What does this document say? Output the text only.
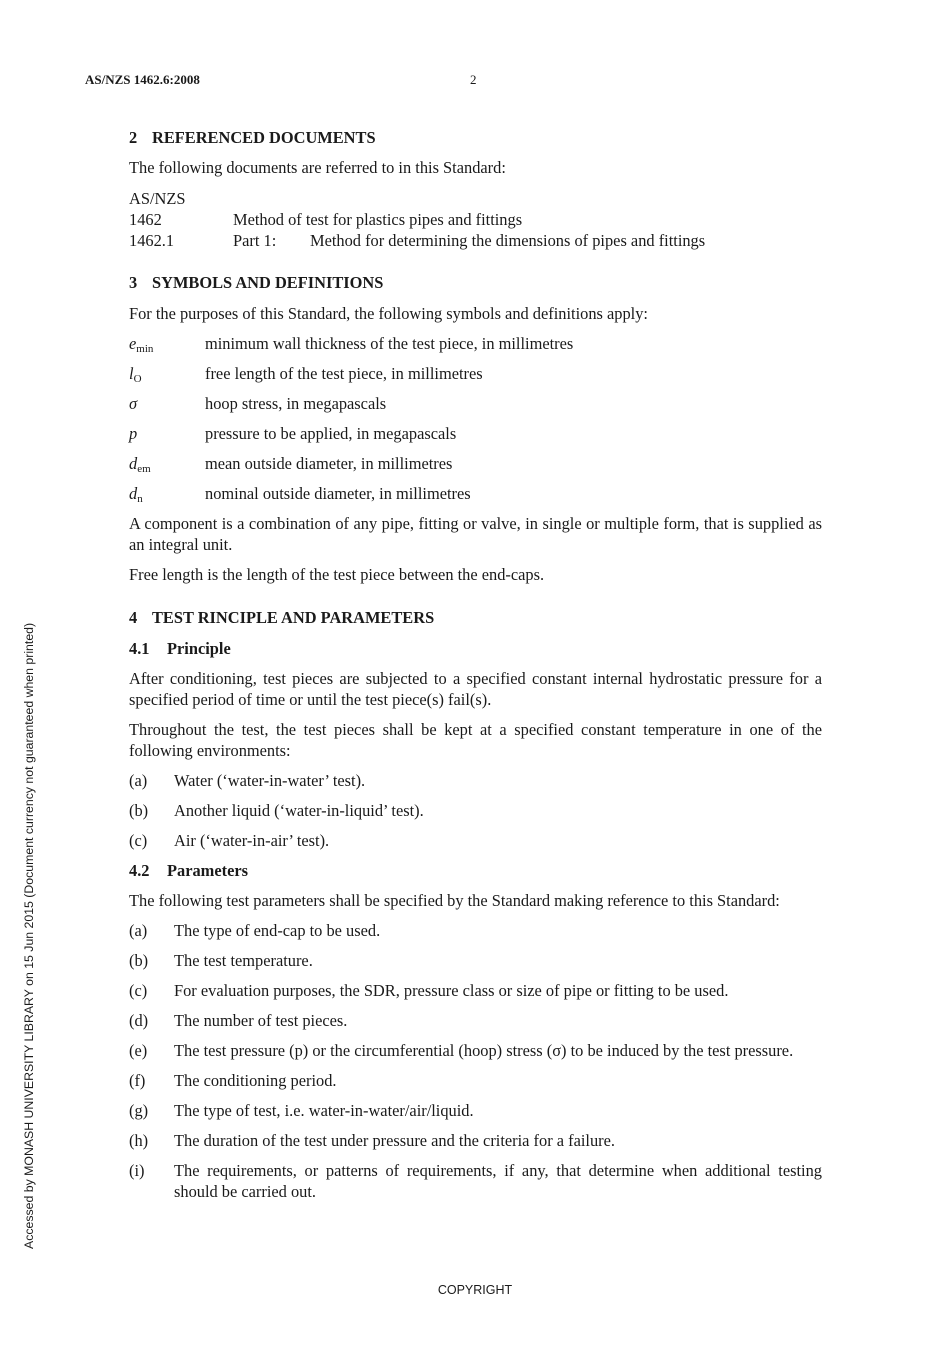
AS/NZS 1462.6:2008	2
2 REFERENCED DOCUMENTS
The following documents are referred to in this Standard:
AS/NZS
1462	Method of test for plastics pipes and fittings
1462.1	Part 1:	Method for determining the dimensions of pipes and fittings
3 SYMBOLS AND DEFINITIONS
For the purposes of this Standard, the following symbols and definitions apply:
$e_{min}$	minimum wall thickness of the test piece, in millimetres
$l_O$	free length of the test piece, in millimetres
σ	hoop stress, in megapascals
p	pressure to be applied, in megapascals
$d_{em}$	mean outside diameter, in millimetres
$d_n$	nominal outside diameter, in millimetres
A component is a combination of any pipe, fitting or valve, in single or multiple form, that is supplied as an integral unit.
Free length is the length of the test piece between the end-caps.
4 TEST RINCIPLE AND PARAMETERS
4.1 Principle
After conditioning, test pieces are subjected to a specified constant internal hydrostatic pressure for a specified period of time or until the test piece(s) fail(s).
Throughout the test, the test pieces shall be kept at a specified constant temperature in one of the following environments:
(a)	Water (‘water-in-water’ test).
(b)	Another liquid (‘water-in-liquid’ test).
(c)	Air (‘water-in-air’ test).
4.2 Parameters
The following test parameters shall be specified by the Standard making reference to this Standard:
(a)	The type of end-cap to be used.
(b)	The test temperature.
(c)	For evaluation purposes, the SDR, pressure class or size of pipe or fitting to be used.
(d)	The number of test pieces.
(e)	The test pressure (p) or the circumferential (hoop) stress (σ) to be induced by the test pressure.
(f)	The conditioning period.
(g)	The type of test, i.e. water-in-water/air/liquid.
(h)	The duration of the test under pressure and the criteria for a failure.
(i)	The requirements, or patterns of requirements, if any, that determine when additional testing should be carried out.
Accessed by MONASH UNIVERSITY LIBRARY on 15 Jun 2015 (Document currency not guaranteed when printed)
COPYRIGHT
